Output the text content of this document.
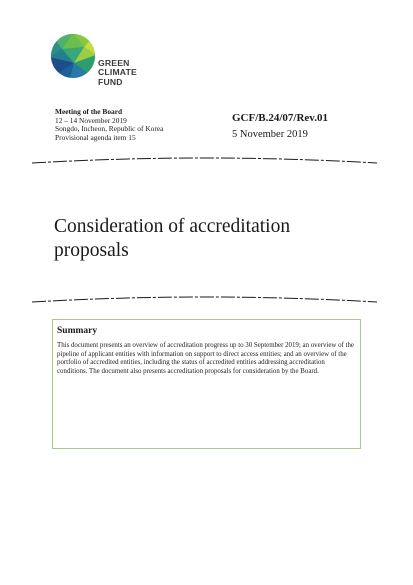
GREEN
CLIMATE
FUND
Meeting of the Board
12 – 14 November 2019
Songdo, Incheon, Republic of Korea
Provisional agenda item 15
GCF/B.24/07/Rev.01
5 November 2019
Consideration of accreditation proposals
Summary
This document presents an overview of accreditation progress up to 30 September 2019; an overview of the pipeline of applicant entities with information on support to direct access entities; and an overview of the portfolio of accredited entities, including the status of accredited entities addressing accreditation conditions. The document also presents accreditation proposals for consideration by the Board.
